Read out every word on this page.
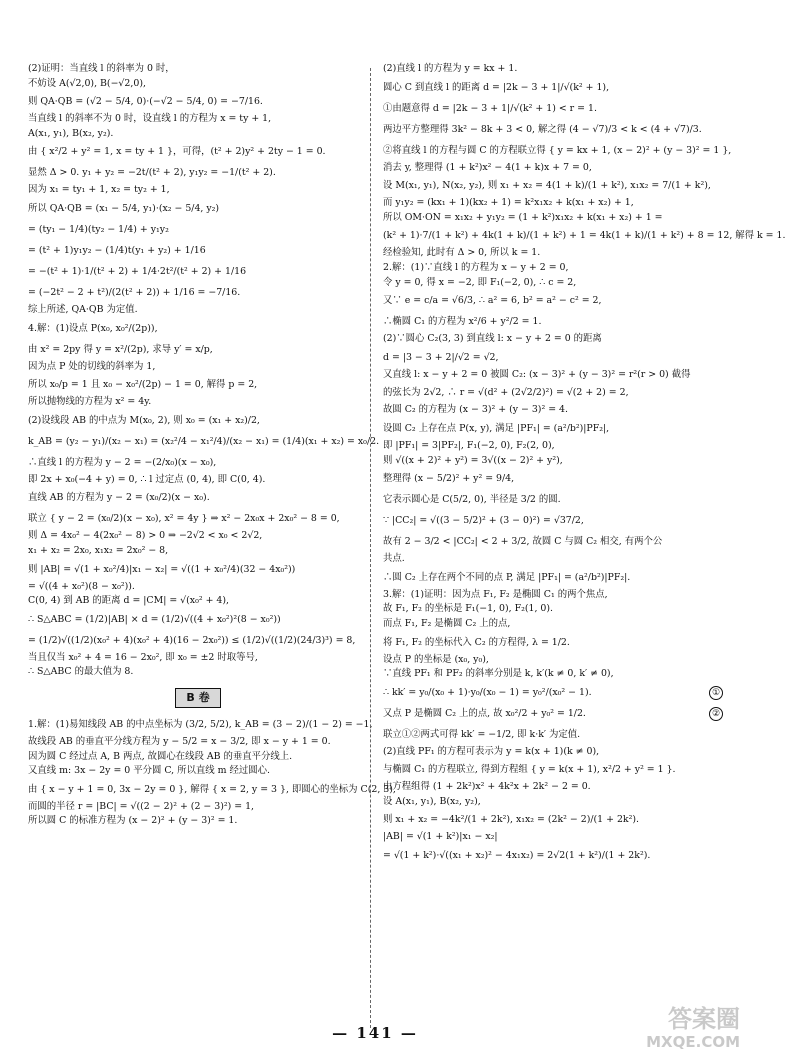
(2)证明：当直线 l 的斜率为 0 时，
不妨设 A(√2,0), B(−√2,0),
则 QA·QB = (√2 − 5/4, 0)·(−√2 − 5/4, 0) = −7/16.
当直线 l 的斜率不为 0 时，设直线 l 的方程为 x = ty + 1,
A(x₁, y₁), B(x₂, y₂).
由 { x²/2 + y² = 1, x = ty + 1 }，可得，(t² + 2)y² + 2ty − 1 = 0.
显然 Δ > 0. y₁ + y₂ = −2t/(t² + 2), y₁y₂ = −1/(t² + 2).
因为 x₁ = ty₁ + 1, x₂ = ty₂ + 1,
所以 QA·QB = (x₁ − 5/4, y₁)·(x₂ − 5/4, y₂)
= (ty₁ − 1/4)(ty₂ − 1/4) + y₁y₂
= (t² + 1)y₁y₂ − (1/4)t(y₁ + y₂) + 1/16
= −(t² + 1)·1/(t² + 2) + 1/4·2t²/(t² + 2) + 1/16
= (−2t² − 2 + t²)/(2(t² + 2)) + 1/16 = −7/16.
综上所述, QA·QB 为定值.
4.解：(1)设点 P(x₀, x₀²/(2p)),
由 x² = 2py 得 y = x²/(2p), 求导 y′ = x/p,
因为点 P 处的切线的斜率为 1,
所以 x₀/p = 1 且 x₀ − x₀²/(2p) − 1 = 0, 解得 p = 2,
所以抛物线的方程为 x² = 4y.
(2)设线段 AB 的中点为 M(x₀, 2), 则 x₀ = (x₁ + x₂)/2,
k_AB = (y₂ − y₁)/(x₂ − x₁) = (x₂²/4 − x₁²/4)/(x₂ − x₁) = (1/4)(x₁ + x₂) = x₀/2.
∴直线 l 的方程为 y − 2 = −(2/x₀)(x − x₀),
即 2x + x₀(−4 + y) = 0, ∴ l 过定点 (0, 4), 即 C(0, 4).
直线 AB 的方程为 y − 2 = (x₀/2)(x − x₀).
联立 { y − 2 = (x₀/2)(x − x₀), x² = 4y } ⇒ x² − 2x₀x + 2x₀² − 8 = 0,
则 Δ = 4x₀² − 4(2x₀² − 8) > 0 ⇒ −2√2 < x₀ < 2√2,
x₁ + x₂ = 2x₀, x₁x₂ = 2x₀² − 8,
则 |AB| = √(1 + x₀²/4)|x₁ − x₂| = √((1 + x₀²/4)(32 − 4x₀²))
= √((4 + x₀²)(8 − x₀²)).
C(0, 4) 到 AB 的距离 d = |CM| = √(x₀² + 4),
∴ S△ABC = (1/2)|AB| × d = (1/2)√((4 + x₀²)²(8 − x₀²))
= (1/2)√((1/2)(x₀² + 4)(x₀² + 4)(16 − 2x₀²)) ≤ (1/2)√((1/2)(24/3)³) = 8,
当且仅当 x₀² + 4 = 16 − 2x₀², 即 x₀ = ±2 时取等号,
∴ S△ABC 的最大值为 8.
B 卷
1.解：(1)易知线段 AB 的中点坐标为 (3/2, 5/2), k_AB = (3 − 2)/(1 − 2) = −1,
故线段 AB 的垂直平分线方程为 y − 5/2 = x − 3/2, 即 x − y + 1 = 0.
因为圆 C 经过点 A, B 两点, 故圆心在线段 AB 的垂直平分线上.
又直线 m: 3x − 2y = 0 平分圆 C, 所以直线 m 经过圆心.
由 { x − y + 1 = 0, 3x − 2y = 0 }, 解得 { x = 2, y = 3 }, 即圆心的坐标为 C(2, 3),
而圆的半径 r = |BC| = √((2 − 2)² + (2 − 3)²) = 1,
所以圆 C 的标准方程为 (x − 2)² + (y − 3)² = 1.
(2)直线 l 的方程为 y = kx + 1.
圆心 C 到直线 l 的距离 d = |2k − 3 + 1|/√(k² + 1),
①由题意得 d = |2k − 3 + 1|/√(k² + 1) < r = 1.
两边平方整理得 3k² − 8k + 3 < 0, 解之得 (4 − √7)/3 < k < (4 + √7)/3.
②将直线 l 的方程与圆 C 的方程联立得 { y = kx + 1, (x − 2)² + (y − 3)² = 1 },
消去 y, 整理得 (1 + k²)x² − 4(1 + k)x + 7 = 0,
设 M(x₁, y₁), N(x₂, y₂), 则 x₁ + x₂ = 4(1 + k)/(1 + k²), x₁x₂ = 7/(1 + k²),
而 y₁y₂ = (kx₁ + 1)(kx₂ + 1) = k²x₁x₂ + k(x₁ + x₂) + 1,
所以 OM·ON = x₁x₂ + y₁y₂ = (1 + k²)x₁x₂ + k(x₁ + x₂) + 1 =
(k² + 1)·7/(1 + k²) + 4k(1 + k)/(1 + k²) + 1 = 4k(1 + k)/(1 + k²) + 8 = 12, 解得 k = 1.
经检验知, 此时有 Δ > 0, 所以 k = 1.
2.解：(1)∵直线 l 的方程为 x − y + 2 = 0,
令 y = 0, 得 x = −2, 即 F₁(−2, 0), ∴ c = 2,
又∵ e = c/a = √6/3, ∴ a² = 6, b² = a² − c² = 2,
∴椭圆 C₁ 的方程为 x²/6 + y²/2 = 1.
(2)∵圆心 C₂(3, 3) 到直线 l: x − y + 2 = 0 的距离
d = |3 − 3 + 2|/√2 = √2,
又直线 l: x − y + 2 = 0 被圆 C₂: (x − 3)² + (y − 3)² = r²(r > 0) 截得
的弦长为 2√2, ∴ r = √(d² + (2√2/2)²) = √(2 + 2) = 2,
故圆 C₂ 的方程为 (x − 3)² + (y − 3)² = 4.
设圆 C₂ 上存在点 P(x, y), 满足 |PF₁| = (a²/b²)|PF₂|,
即 |PF₁| = 3|PF₂|, F₁(−2, 0), F₂(2, 0),
则 √((x + 2)² + y²) = 3√((x − 2)² + y²),
整理得 (x − 5/2)² + y² = 9/4,
它表示圆心是 C(5/2, 0), 半径是 3/2 的圆.
∵ |CC₂| = √((3 − 5/2)² + (3 − 0)²) = √37/2,
故有 2 − 3/2 < |CC₂| < 2 + 3/2, 故圆 C 与圆 C₂ 相交, 有两个公
共点.
∴圆 C₂ 上存在两个不同的点 P, 满足 |PF₁| = (a²/b²)|PF₂|.
3.解：(1)证明：因为点 F₁, F₂ 是椭圆 C₁ 的两个焦点,
故 F₁, F₂ 的坐标是 F₁(−1, 0), F₂(1, 0).
而点 F₁, F₂ 是椭圆 C₂ 上的点,
将 F₁, F₂ 的坐标代入 C₂ 的方程得, λ = 1/2.
设点 P 的坐标是 (x₀, y₀),
∵直线 PF₁ 和 PF₂ 的斜率分别是 k, k′(k ≠ 0, k′ ≠ 0),
∴ kk′ = y₀/(x₀ + 1)·y₀/(x₀ − 1) = y₀²/(x₀² − 1).	①
又点 P 是椭圆 C₂ 上的点, 故 x₀²/2 + y₀² = 1/2.	②
联立①②两式可得 kk′ = −1/2, 即 k·k′ 为定值.
(2)直线 PF₁ 的方程可表示为 y = k(x + 1)(k ≠ 0),
与椭圆 C₁ 的方程联立, 得到方程组 { y = k(x + 1), x²/2 + y² = 1 }.
由方程组得 (1 + 2k²)x² + 4k²x + 2k² − 2 = 0.
设 A(x₁, y₁), B(x₂, y₂),
则 x₁ + x₂ = −4k²/(1 + 2k²), x₁x₂ = (2k² − 2)/(1 + 2k²).
|AB| = √(1 + k²)|x₁ − x₂|
= √(1 + k²)·√((x₁ + x₂)² − 4x₁x₂) = 2√2(1 + k²)/(1 + 2k²).
— 141 —	答案圈
MXQE.COM
